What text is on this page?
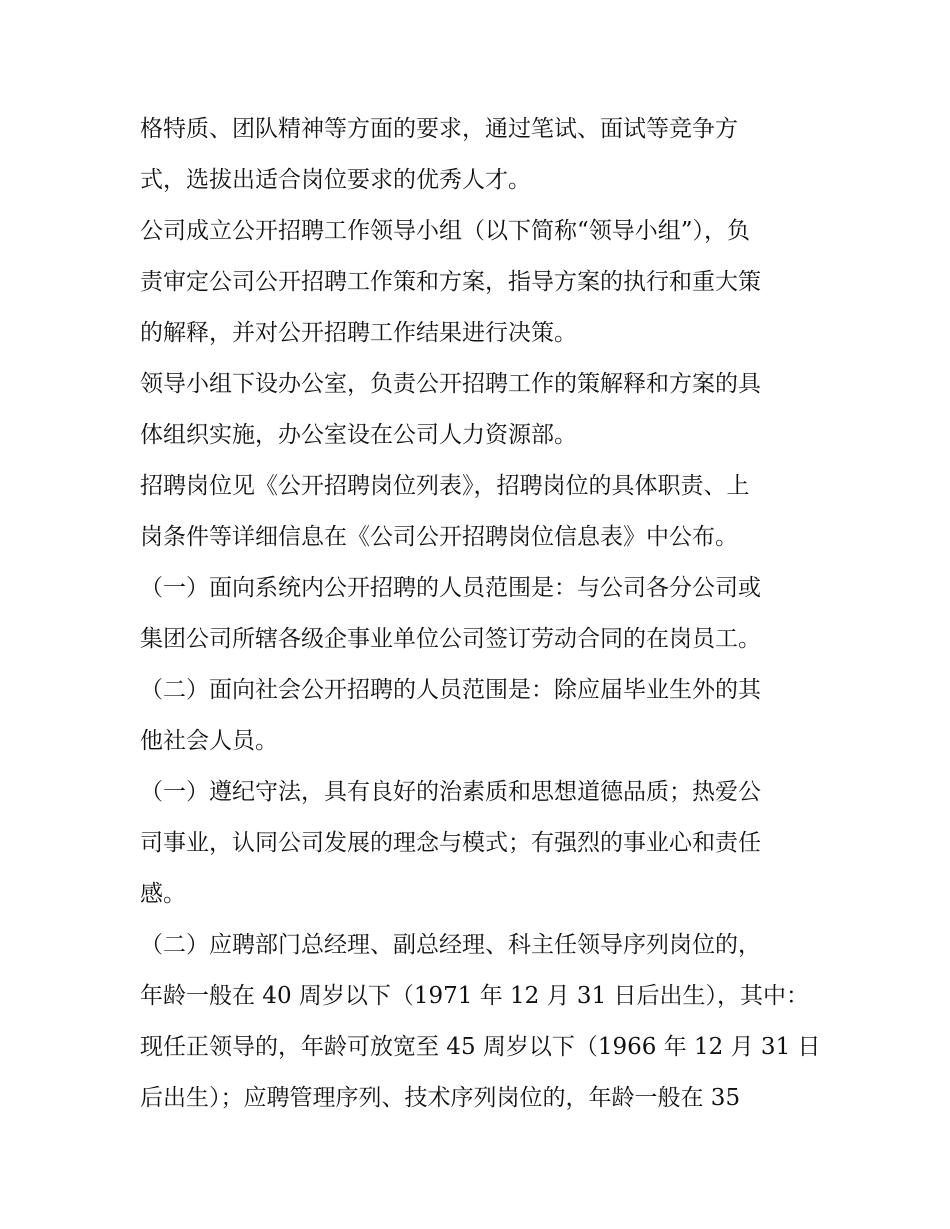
格特质、团队精神等方面的要求，通过笔试、面试等竞争方
式，选拔出适合岗位要求的优秀人才。
公司成立公开招聘工作领导小组（以下简称“领导小组”），负
责审定公司公开招聘工作策和方案，指导方案的执行和重大策
的解释，并对公开招聘工作结果进行决策。
领导小组下设办公室，负责公开招聘工作的策解释和方案的具
体组织实施，办公室设在公司人力资源部。
招聘岗位见《公开招聘岗位列表》，招聘岗位的具体职责、上
岗条件等详细信息在《公司公开招聘岗位信息表》中公布。
（一）面向系统内公开招聘的人员范围是：与公司各分公司或
集团公司所辖各级企事业单位公司签订劳动合同的在岗员工。
（二）面向社会公开招聘的人员范围是：除应届毕业生外的其
他社会人员。
（一）遵纪守法，具有良好的治素质和思想道德品质；热爱公
司事业，认同公司发展的理念与模式；有强烈的事业心和责任
感。
（二）应聘部门总经理、副总经理、科主任领导序列岗位的，
年龄一般在 40 周岁以下（1971 年 12 月 31 日后出生），其中：
现任正领导的，年龄可放宽至 45 周岁以下（1966 年 12 月 31 日
后出生）；应聘管理序列、技术序列岗位的，年龄一般在 35
